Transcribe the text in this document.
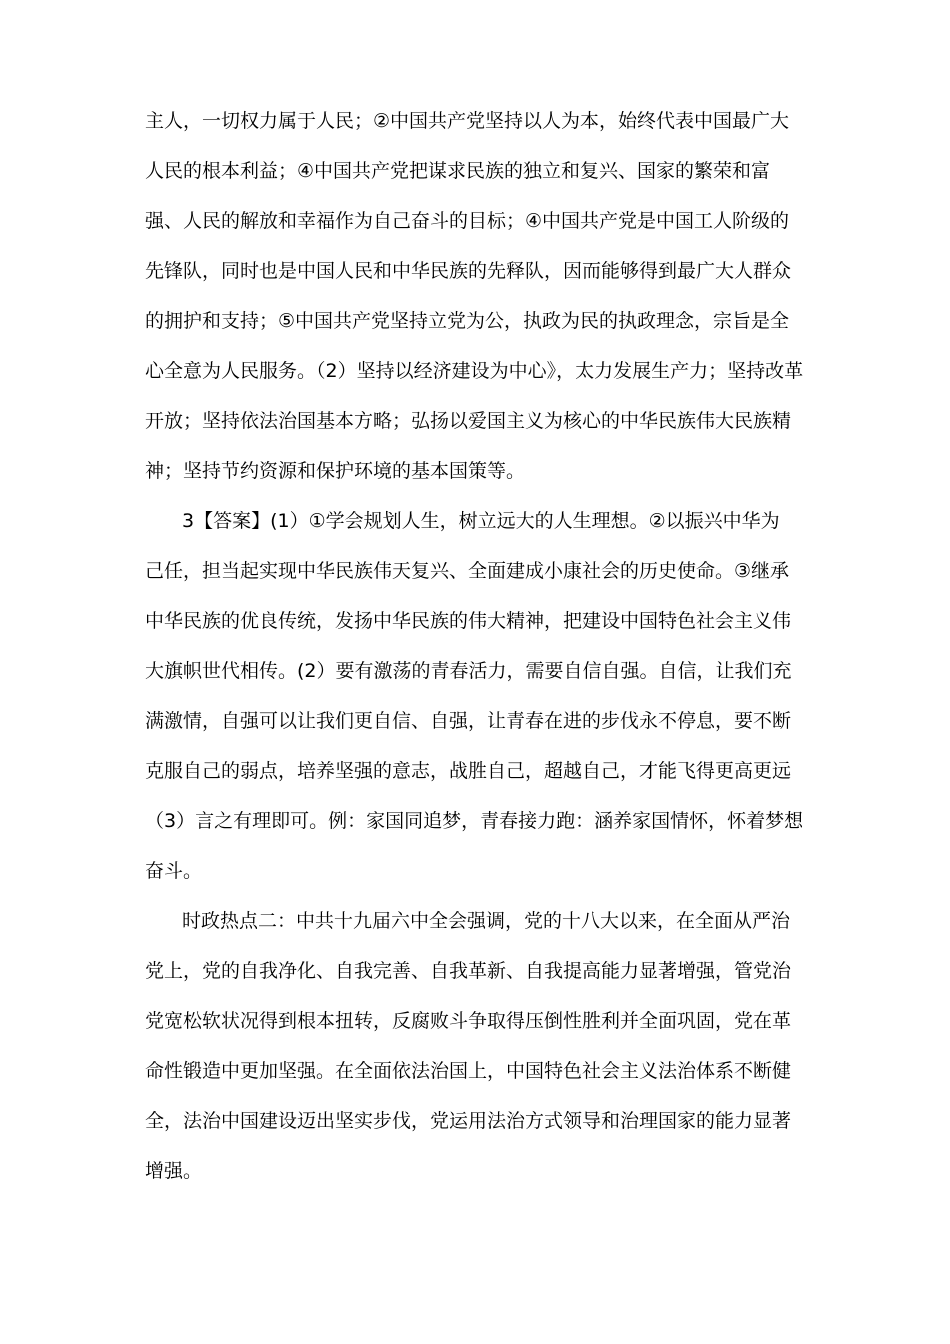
主人，一切权力属于人民；②中国共产党坚持以人为本，始终代表中国最广大
人民的根本利益；④中国共产党把谋求民族的独立和复兴、国家的繁荣和富
强、人民的解放和幸福作为自己奋斗的目标；④中国共产党是中国工人阶级的
先锋队，同时也是中国人民和中华民族的先释队，因而能够得到最广大人群众
的拥护和支持；⑤中国共产党坚持立党为公，执政为民的执政理念，宗旨是全
心全意为人民服务。（2）坚持以经济建设为中心》，太力发展生产力；坚持改革
开放；坚持依法治国基本方略；弘扬以爱国主义为核心的中华民族伟大民族精
神；坚持节约资源和保护环境的基本国策等。
3【答案】(1）①学会规划人生，树立远大的人生理想。②以振兴中华为
己任，担当起实现中华民族伟天复兴、全面建成小康社会的历史使命。③继承
中华民族的优良传统，发扬中华民族的伟大精神，把建设中国特色社会主义伟
大旗帜世代相传。(2）要有激荡的青春活力，需要自信自强。自信，让我们充
满激情，自强可以让我们更自信、自强，让青春在进的步伐永不停息，要不断
克服自己的弱点，培养坚强的意志，战胜自己，超越自己，才能飞得更高更远
（3）言之有理即可。例：家国同追梦，青春接力跑：涵养家国情怀，怀着梦想
奋斗。
时政热点二：中共十九届六中全会强调，党的十八大以来，在全面从严治
党上，党的自我净化、自我完善、自我革新、自我提高能力显著增强，管党治
党宽松软状况得到根本扭转，反腐败斗争取得压倒性胜利并全面巩固，党在革
命性锻造中更加坚强。在全面依法治国上，中国特色社会主义法治体系不断健
全，法治中国建设迈出坚实步伐，党运用法治方式领导和治理国家的能力显著
增强。
